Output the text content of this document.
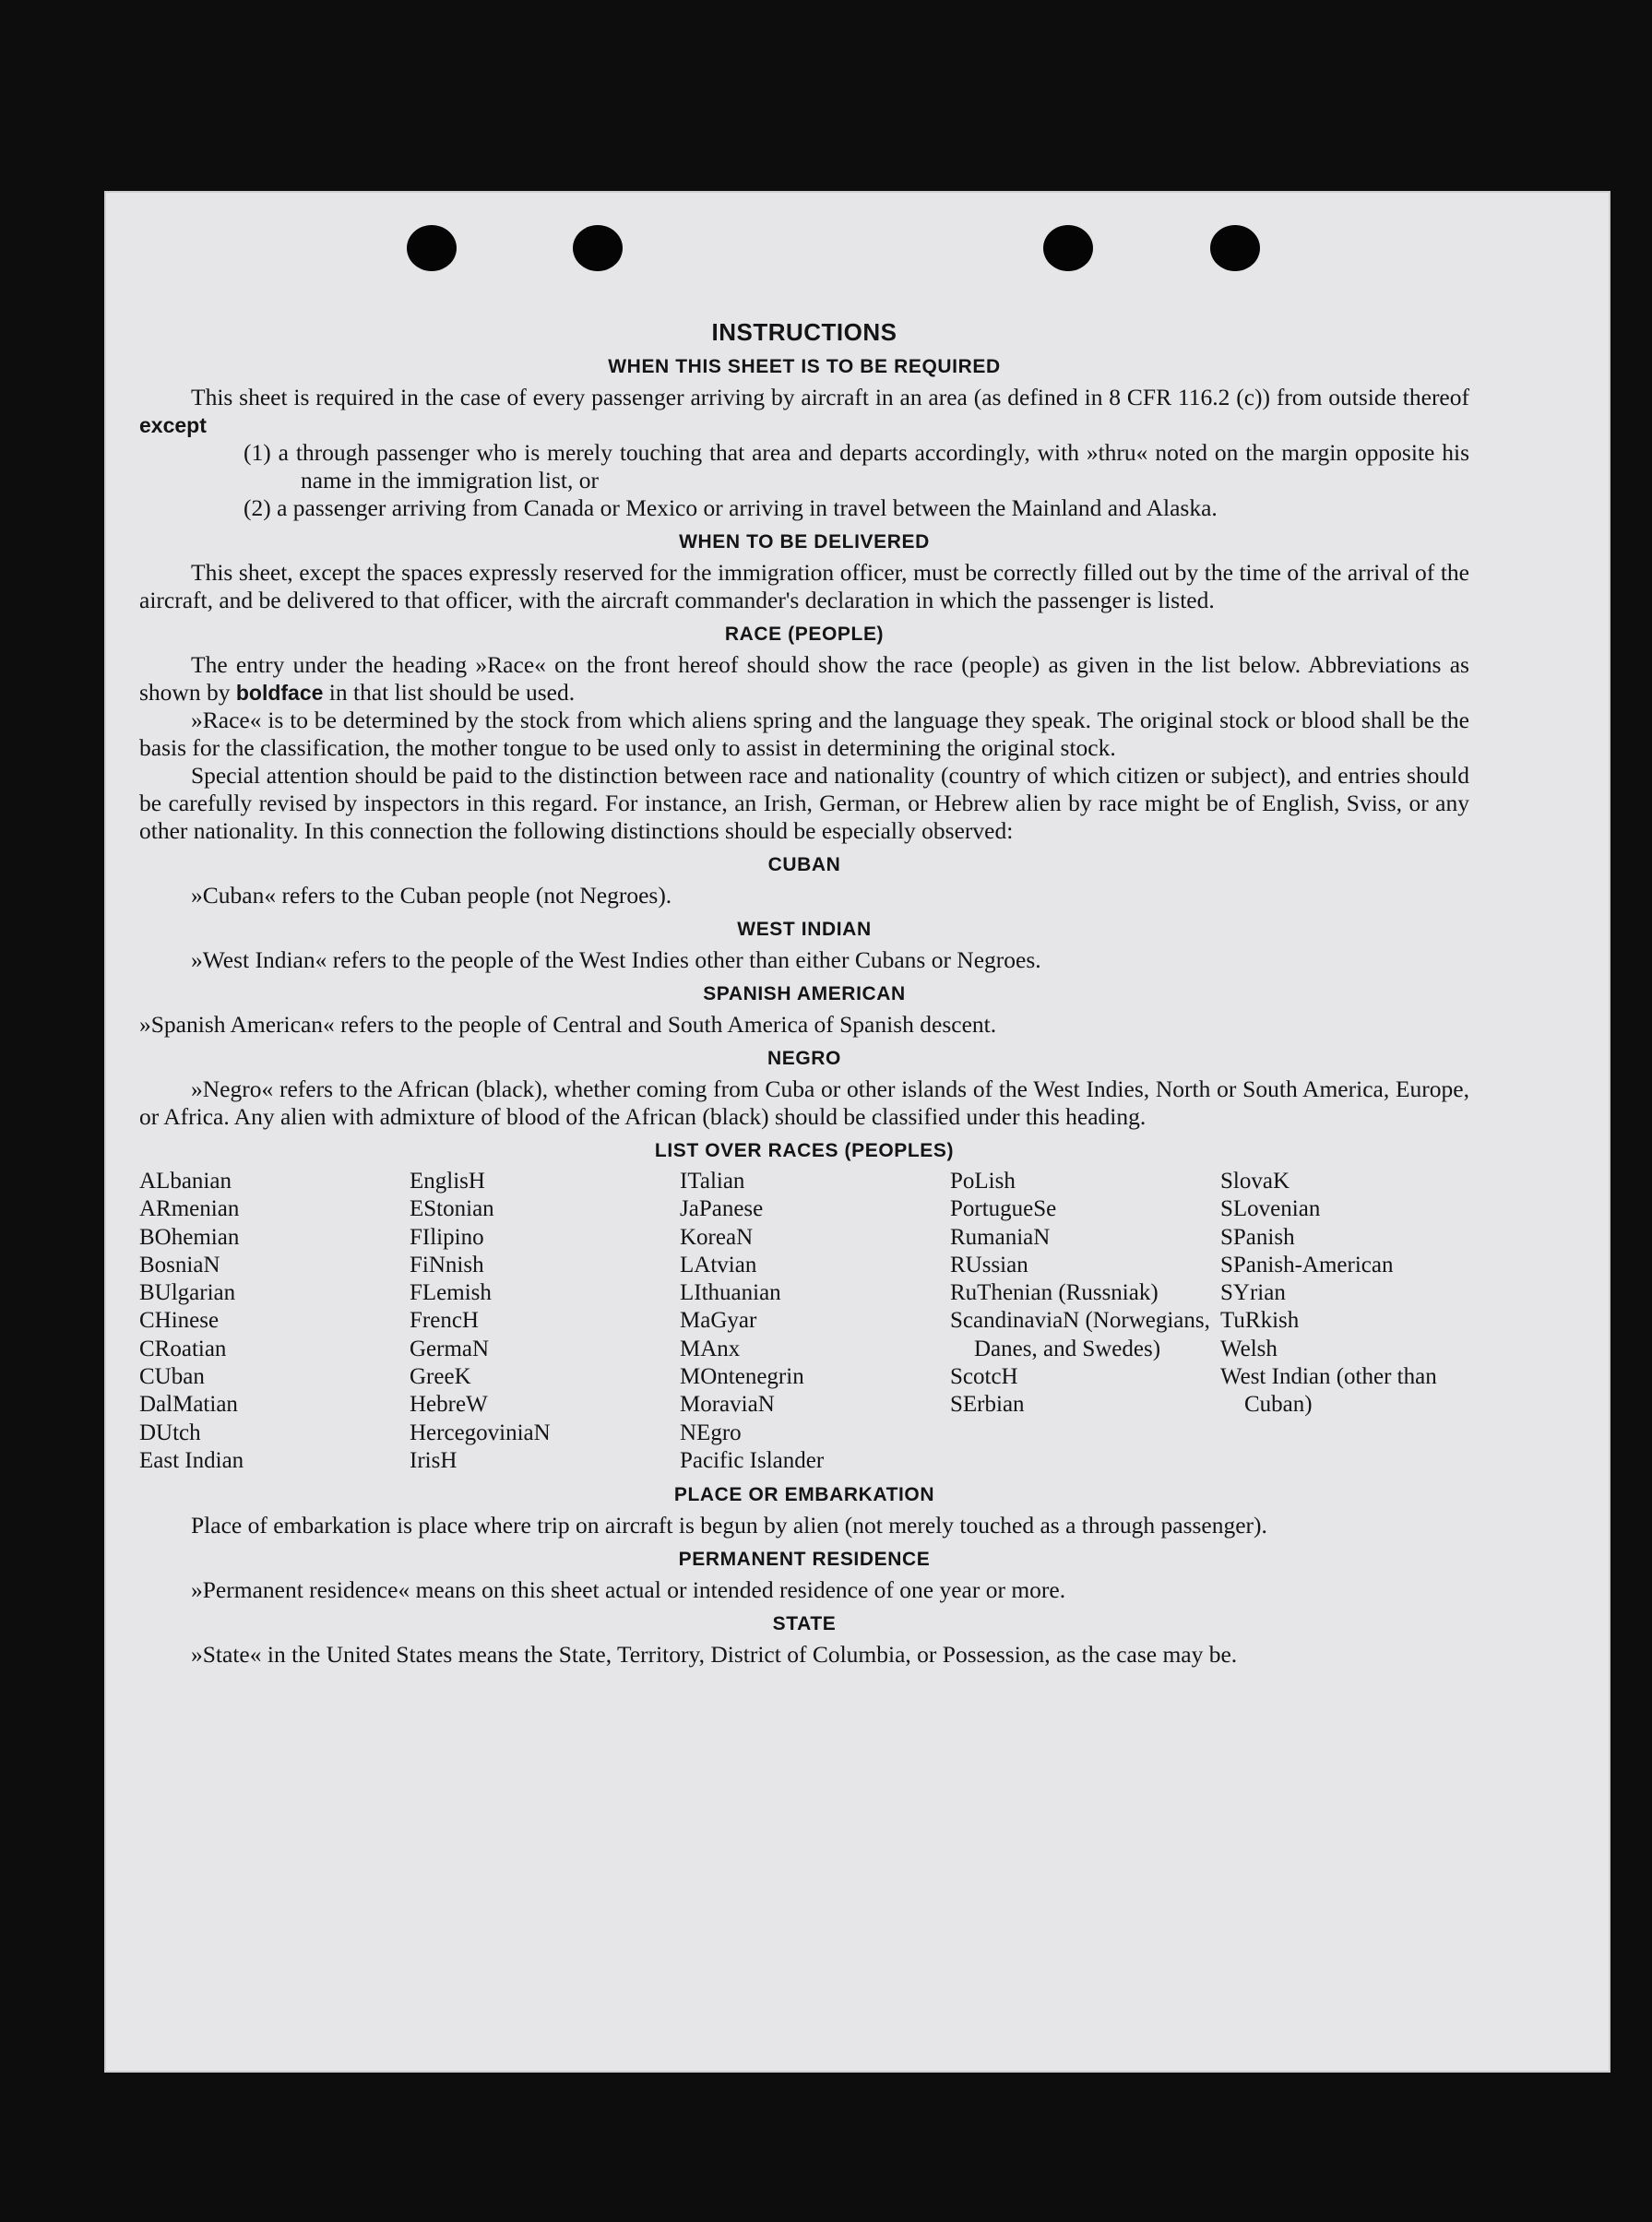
INSTRUCTIONS
WHEN THIS SHEET IS TO BE REQUIRED

This sheet is required in the case of every passenger arriving by aircraft in an area (as defined in 8 CFR 116.2 (c)) from outside thereof except

(1) a through passenger who is merely touching that area and departs accordingly, with »thru« noted on the margin opposite his name in the immigration list, or

(2) a passenger arriving from Canada or Mexico or arriving in travel between the Mainland and Alaska.

WHEN TO BE DELIVERED

This sheet, except the spaces expressly reserved for the immigration officer, must be correctly filled out by the time of the arrival of the aircraft, and be delivered to that officer, with the aircraft commander's declaration in which the passenger is listed.

RACE (PEOPLE)

The entry under the heading »Race« on the front hereof should show the race (people) as given in the list below. Abbreviations as shown by boldface in that list should be used.

»Race« is to be determined by the stock from which aliens spring and the language they speak. The original stock or blood shall be the basis for the classification, the mother tongue to be used only to assist in determining the original stock.

Special attention should be paid to the distinction between race and nationality (country of which citizen or subject), and entries should be carefully revised by inspectors in this regard. For instance, an Irish, German, or Hebrew alien by race might be of English, Sviss, or any other nationality. In this connection the following distinctions should be especially observed:

CUBAN

»Cuban« refers to the Cuban people (not Negroes).

WEST INDIAN

»West Indian« refers to the people of the West Indies other than either Cubans or Negroes.

SPANISH AMERICAN

»Spanish American« refers to the people of Central and South America of Spanish descent.

NEGRO

»Negro« refers to the African (black), whether coming from Cuba or other islands of the West Indies, North or South America, Europe, or Africa. Any alien with admixture of blood of the African (black) should be classified under this heading.

LIST OVER RACES (PEOPLES)
ALbanian
ARmenian
BOhemian
BosniaN
BUlgarian
CHinese
CRoatian
CUban
DalMatian
DUtch
East Indian
EnglisH
EStonian
FIlipino
FiNnish
FLemish
FrencH
GermaN
GreeK
HebreW
HercegoviniaN
IrisH
ITalian
JaPanese
KoreaN
LAtvian
LIthuanian
MaGyar
MAnx
MOntenegrin
MoraviaN
NEgro
Pacific Islander
PoLish
PortugueSe
RumaniaN
RUssian
RuThenian (Russniak)
ScandinaviaN (Norwegians, Danes, and Swedes)
ScotcH
SErbian
SlovaK
SLovenian
SPanish
SPanish-American
SYrian
TuRkish
Welsh
West Indian (other than Cuban)
PLACE OR EMBARKATION

Place of embarkation is place where trip on aircraft is begun by alien (not merely touched as a through passenger).

PERMANENT RESIDENCE

»Permanent residence« means on this sheet actual or intended residence of one year or more.

STATE

»State« in the United States means the State, Territory, District of Columbia, or Possession, as the case may be.
